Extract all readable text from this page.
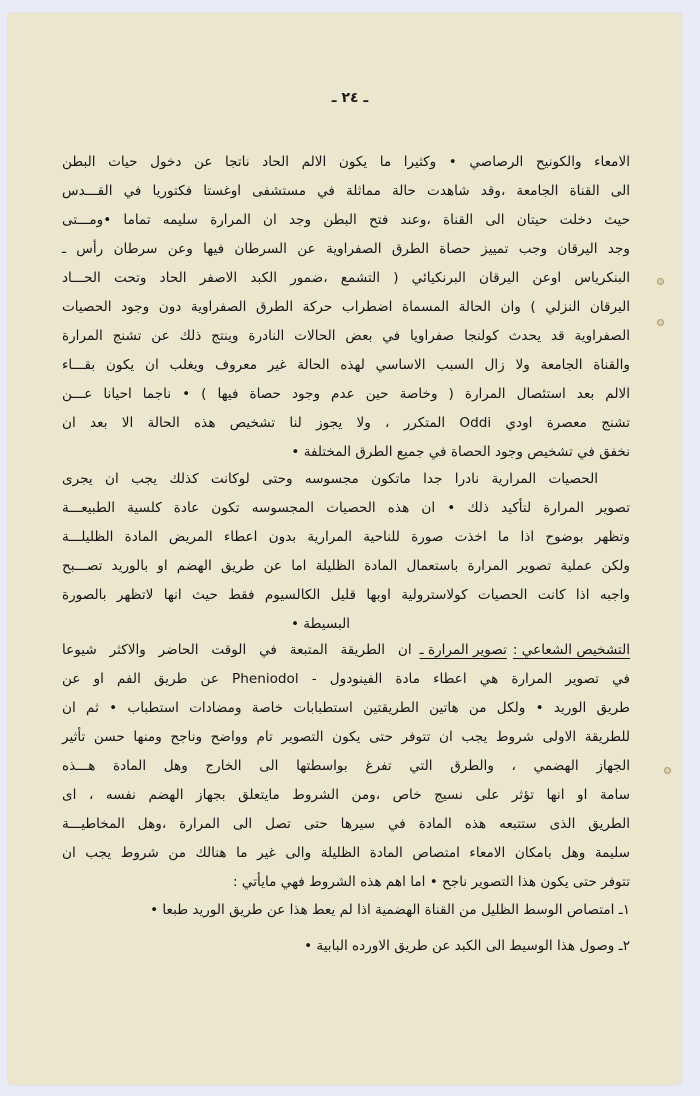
ـ ٢٤ ـ
الامعاء والكونيح الرصاصي • وكثيرا ما يكون الالم الحاد ناتجا عن دخول حيات البطن
الى القناة الجامعة ،وقد شاهدت حالة مماثلة في مستشفى اوغستا فكتوريا في القـــدس
حيث دخلت حيتان الى القناة ،وعند فتح البطن وجد ان المرارة سليمه تماما •ومـــتى
وجد اليرقان وجب تمييز حصاة الطرق الصفراوية عن السرطان فيها وعن سرطان رأس ـ
البنكرياس اوعن اليرقان البرنكيائي ( التشمع ،ضمور الكبد الاصفر الحاد وتحت الحـــاد
اليرقان النزلي ) وان الحالة المسماة اضطراب حركة الطرق الصفراوية دون وجود الحصيات
الصفراوية قد يحدث كولنجا صفراويا في بعض الحالات النادرة وينتج ذلك عن تشنج المرارة
والقناة الجامعة ولا زال السبب الاساسي لهذه الحالة غير معروف ويغلب ان يكون بقـــاء
الالم بعد استئصال المرارة ( وخاصة حين عدم وجود حصاة فيها ) • ناجما احيانا عـــن
تشنج معصرة اودي Oddi المتكرر ، ولا يجوز لنا تشخيص هذه الحالة الا بعد ان
نخفق في تشخيص وجود الحصاة في جميع الطرق المختلفة •
الحصيات المرارية نادرا جدا ماتكون مجسوسه وحتى لوكانت كذلك يجب ان يجرى
تصوير المرارة لتأكيد ذلك • ان هذه الحصيات المجسوسه تكون عادة كلسية الطبيعـــة
وتظهر بوضوح اذا ما اخذت صورة للناحية المرارية بدون اعطاء المريض المادة الظليلـــة
ولكن عملية تصوير المرارة باستعمال المادة الظليلة اما عن طريق الهضم او بالوريد تصـــبح
واجبه اذا كانت الحصيات كولاسترولية اوبها قليل الكالسيوم فقط حيث انها لاتظهر بالصورة
البسيطة •
التشخيص الشعاعي :
تصوير المرارة ـ
ان الطريقة المتبعة في الوقت الحاضر والاكثر شيوعا
في تصوير المرارة هي اعطاء مادة الفينودول - Pheniodol عن طريق الفم او عن
طريق الوريد • ولكل من هاتين الطريقتين استطبابات خاصة ومضادات استطباب • ثم ان
للطريقة الاولى شروط يجب ان تتوفر حتى يكون التصوير تام وواضح وناجح ومنها حسن تأثير
الجهاز الهضمي ، والطرق التي تفرغ بواسطتها الى الخارج وهل المادة هـــذه
سامة او انها تؤثر على نسيج خاص ،ومن الشروط مايتعلق بجهاز الهضم نفسه ، اى
الطريق الذى ستتبعه هذه المادة في سيرها حتى تصل الى المرارة ،وهل المخاطيـــة
سليمة وهل بامكان الامعاء امتصاص المادة الظليلة والى غير ما هنالك من شروط يجب ان
تتوفر حتى يكون هذا التصوير ناجح • اما اهم هذه الشروط فهي مايأتي :
١ـ امتصاص الوسط الظليل من القناة الهضمية اذا لم يعط هذا عن طريق الوريد طبعا •
٢ـ وصول هذا الوسيط الى الكبد عن طريق الاورده البابية •
